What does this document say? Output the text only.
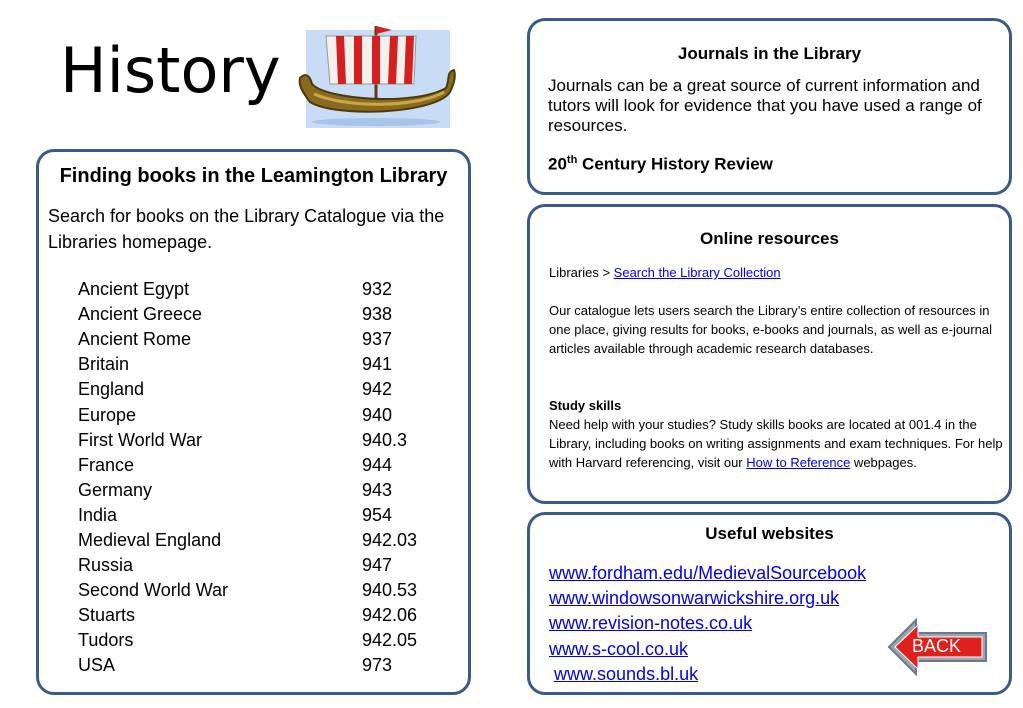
History
Finding books in the Leamington Library
Search for books on the Library Catalogue via the Libraries homepage.
Ancient Egypt	932
Ancient Greece	938
Ancient Rome	937
Britain	941
England	942
Europe	940
First World War	940.3
France	944
Germany	943
India	954
Medieval England	942.03
Russia	947
Second World War	940.53
Stuarts	942.06
Tudors	942.05
USA	973
Journals in the Library
Journals can be a great source of current information and tutors will look for evidence that you have used a range of resources.
20th Century History Review
Online resources
Libraries > Search the Library Collection
Our catalogue lets users search the Library’s entire collection of resources in one place, giving results for books, e-books and journals, as well as e-journal articles available through academic research databases.
Study skills
Need help with your studies? Study skills books are located at 001.4 in the Library, including books on writing assignments and exam techniques. For help with Harvard referencing, visit our How to Reference webpages.
Useful websites
www.fordham.edu/MedievalSourcebook
www.windowsonwarwickshire.org.uk
www.revision-notes.co.uk
www.s-cool.co.uk
www.sounds.bl.uk
BACK
